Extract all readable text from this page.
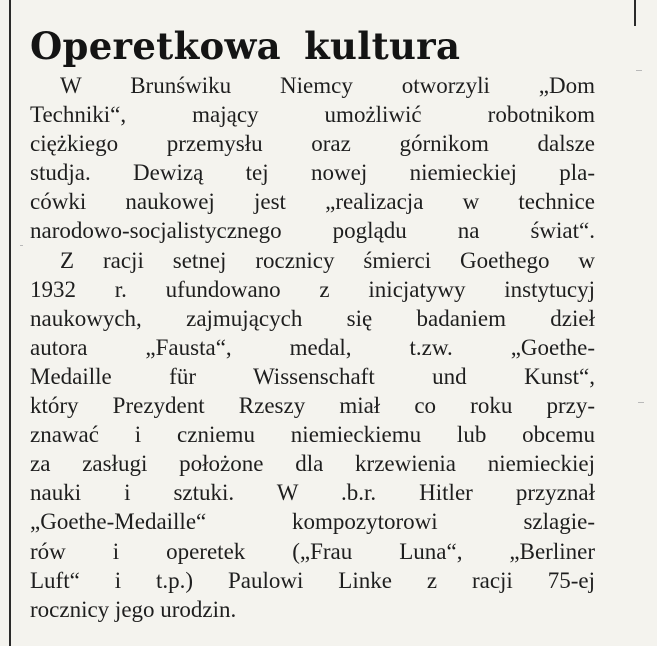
Operetkowa kultura

W Brunświku Niemcy otworzyli „Dom
Techniki“, mający umożliwić robotnikom
ciężkiego przemysłu oraz górnikom dalsze
studja. Dewizą tej nowej niemieckiej pla-
cówki naukowej jest „realizacja w technice
narodowo-socjalistycznego poglądu na świat“.

Z racji setnej rocznicy śmierci Goethego w
1932 r. ufundowano z inicjatywy instytucyj
naukowych, zajmujących się badaniem dzieł
autora „Fausta“, medal, t.zw. „Goethe-
Medaille für Wissenschaft und Kunst“,
który Prezydent Rzeszy miał co roku przy-
znawać i czniemu niemieckiemu lub obcemu
za zasługi położone dla krzewienia niemieckiej
nauki i sztuki. W .b.r. Hitler przyznał
„Goethe-Medaille“ kompozytorowi szlagie-
rów i operetek („Frau Luna“, „Berliner
Luft“ i t.p.) Paulowi Linke z racji 75-ej
rocznicy jego urodzin.
